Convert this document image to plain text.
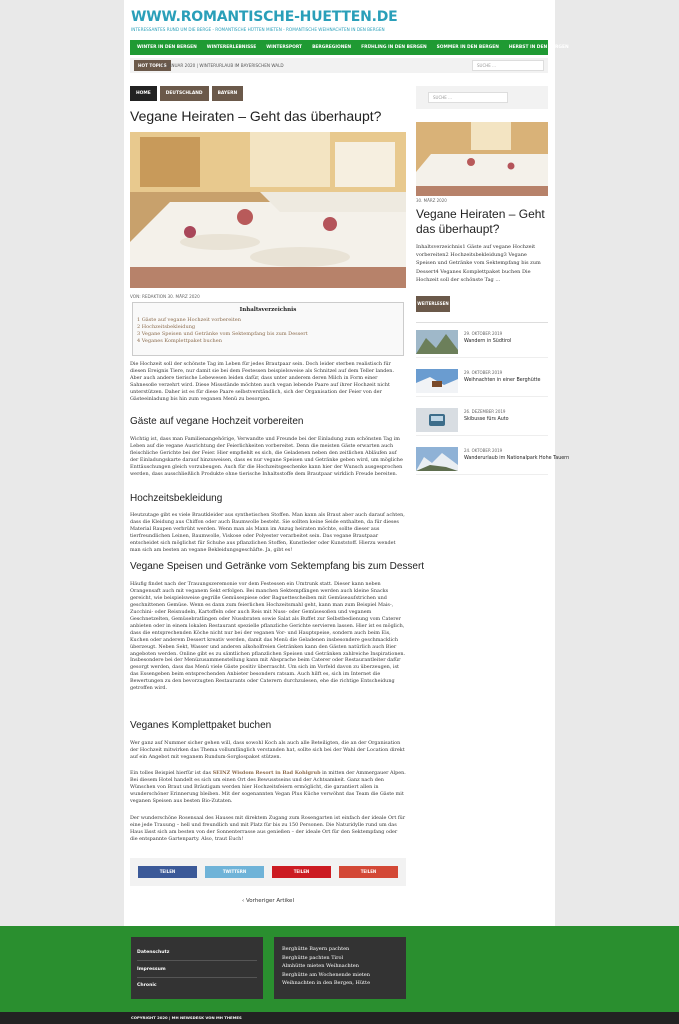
WWW.ROMANTISCHE-HUETTEN.DE
INTERESSANTES RUND UM DIE BERGE - ROMANTISCHE HÜTTEN MIETEN - ROMANTISCHE WEIHNACHTEN IN DEN BERGEN
WINTER IN DEN BERGEN	WINTERERLEBNISSE	WINTERSPORT	BERGREGIONEN	FRÜHLING IN DEN BERGEN	SOMMER IN DEN BERGEN	HERBST IN DEN BERGEN
HOT TOPICS
8. JANUAR 2020 | WINTERURLAUB IM BAYERISCHEN WALD	SUCHE ...
HOME	DEUTSCHLAND	BAYERN
Vegane Heiraten – Geht das überhaupt?
VON: REDAKTION 30. MÄRZ 2020
Inhaltsverzeichnis
1 Gäste auf vegane Hochzeit vorbereiten
2 Hochzeitsbekleidung
3 Vegane Speisen und Getränke vom Sektempfang bis zum Dessert
4 Veganes Komplettpaket buchen
Die Hochzeit soll der schönste Tag im Leben für jedes Brautpaar sein. Doch leider sterben realistisch für diesen Ereignis Tiere, nur damit sie bei dem Festessen beispielsweise als Schnitzel auf dem Teller landen. Aber auch andere tierische Lebewesen leiden dafür, dass unter anderem deren Milch in Form einer Sahnesoße verzehrt wird. Diese Missstände möchten auch vegan lebende Paare auf ihrer Hochzeit nicht unterstützen. Daher ist es für diese Paare selbstverständlich, sich der Organisation der Feier von der Gästeeinladung bis hin zum veganen Menü zu besorgen.
Gäste auf vegane Hochzeit vorbereiten
Wichtig ist, dass man Familienangehörige, Verwandte und Freunde bei der Einladung zum schönsten Tag im Leben auf die vegane Ausrichtung der Feierlichkeiten vorbereitet. Denn die meisten Gäste erwarten auch fleischliche Gerichte bei der Feier. Hier empfiehlt es sich, die Geladenen neben den zeitlichen Abläufen auf der Einladungskarte darauf hinzuweisen, dass es nur vegane Speisen und Getränke geben wird, um mögliche Enttäuschungen gleich vorzubeugen. Auch für die Hochzeitsgeschenke kann hier der Wunsch ausgesprochen werden, dass ausschließlich Produkte ohne tierische Inhaltsstoffe dem Brautpaar wirklich Freude bereiten.
Hochzeitsbekleidung
Heutzutage gibt es viele Brautkleider aus synthetischen Stoffen. Man kann als Braut aber auch darauf achten, dass die Kleidung aus Chiffon oder auch Baumwolle besteht. Sie sollten keine Seide enthalten, da für dieses Material Raupen verbrüht werden. Wenn man als Mann im Anzug heiraten möchte, sollte dieser aus tierfreundlichen Leinen, Baumwolle, Viskose oder Polyester verarbeitet sein. Das vegane Brautpaar entscheidet sich möglichst für Schuhe aus pflanzlichen Stoffen, Kunstleder oder Kunststoff. Hierzu wendet man sich am besten an vegane Bekleidungsgeschäfte. Ja, gibt es!
Vegane Speisen und Getränke vom Sektempfang bis zum Dessert
Häufig findet nach der Trauungszeremonie vor dem Festessen ein Umtrunk statt. Dieser kann neben Orangensaft auch mit veganem Sekt erfolgen. Bei manchen Sektempfängen werden auch kleine Snacks gereicht, wie beispielsweise gegrille Gemüsespiese oder Baguettescheiben mit Gemüseaufstrichen und geschnittenen Gemüse. Wenn es dann zum feierlichen Hochzeitsmahl geht, kann man zum Beispiel Mais-, Zucchini- oder Reisnudeln, Kartoffeln oder auch Reis mit Nuss- oder Gemüsesoßen und veganem Geschnetzelten, Gemüsebratlingen oder Nussbraten sowie Salat als Buffet zur Selbstbedienung vom Caterer anbieten oder in einem lokalen Restaurant spezielle pflanzliche Gerichte servieren lassen. Hier ist es möglich, dass die entsprechenden Köche nicht nur bei der veganen Vor- und Hauptspeise, sondern auch beim Eis, Kuchen oder anderem Dessert kreativ werden, damit das Menü die Geladenen insbesondere geschmacklich überzeugt. Neben Sekt, Wasser und anderen alkoholfreien Getränken kann den Gästen natürlich auch Bier angeboten werden. Online gibt es zu sämtlichen pflanzlichen Speisen und Getränken zahlreiche Inspirationen. Insbesondere bei der Menüzusammenstellung kann mit Absprache beim Caterer oder Restaurantleiter dafür gesorgt werden, dass das Menü viele Gäste positiv überrascht. Um sich im Vorfeld davon zu überzeugen, ist das Essengeben beim entsprechenden Anbieter besonders ratsam. Auch hilft es, sich im Internet die Bewertungen zu den bevorzugten Restaurants oder Caterern durchzulesen, ehe die richtige Entscheidung getroffen wird.
Veganes Komplettpaket buchen
Wer ganz auf Nummer sicher gehen will, dass sowohl Koch als auch alle Beteiligten, die an der Organisation der Hochzeit mitwirken das Thema vollumfänglich verstanden hat, sollte sich bei der Wahl der Location direkt auf ein Angebot mit veganem Rundum-Sorglospaket stützen.
Ein tolles Beispiel hierfür ist das SEINZ Wisdom Resort in Bad Kohlgrub in mitten der Ammergauer Alpen. Bei diesem Hotel handelt es sich um einen Ort des Bewusstseins und der Achtsamkeit. Ganz nach den Wünschen von Braut und Bräutigam werden hier Hochzeitsfeiern ermöglicht, die garantiert allen in wunderschöner Erinnerung bleiben. Mit der sogenannten Vegan Plus Küche verwöhnt das Team die Gäste mit veganen Speisen aus besten Bio-Zutaten.
Der wunderschöne Rosensaal des Hauses mit direktem Zugang zum Rosengarten ist einfach der ideale Ort für eine jede Trauung – hell und freundlich und mit Platz für bis zu 150 Personen. Die Naturidylle rund um das Haus lässt sich am besten von der Sonnenterrasse aus genießen – der ideale Ort für den Sektempfang oder die entspannte Gartenparty. Also, traut Euch!
TEILEN	TWITTERN	TEILEN	TEILEN
‹ Vorheriger Artikel
SUCHE ...
30. MÄRZ 2020
Vegane Heiraten – Geht das überhaupt?
Inhaltsverzeichnis1 Gäste auf vegane Hochzeit vorbereiten2 Hochzeitsbekleidung3 Vegane Speisen und Getränke vom Sektempfang bis zum Dessert4 Veganes Komplettpaket buchen Die Hochzeit soll der schönste Tag …
WEITERLESEN
29. OKTOBER 2019
Wandern in Südtirol
29. OKTOBER 2019
Weihnachten in einer Berghütte
26. DEZEMBER 2019
Skibusse fürs Auto
24. OKTOBER 2019
Wanderurlaub im Nationalpark Hohe Tauern
Datenschutz
Impressum
Chronic
Berghütte Bayern pachten
Berghütte pachten Tirol
Almhütte mieten Weihnachten
Berghütte am Wochenende mieten
Weihnachten in den Bergen, Hütte
COPYRIGHT 2020 | MH NEWSDESK VON MH THEMES
